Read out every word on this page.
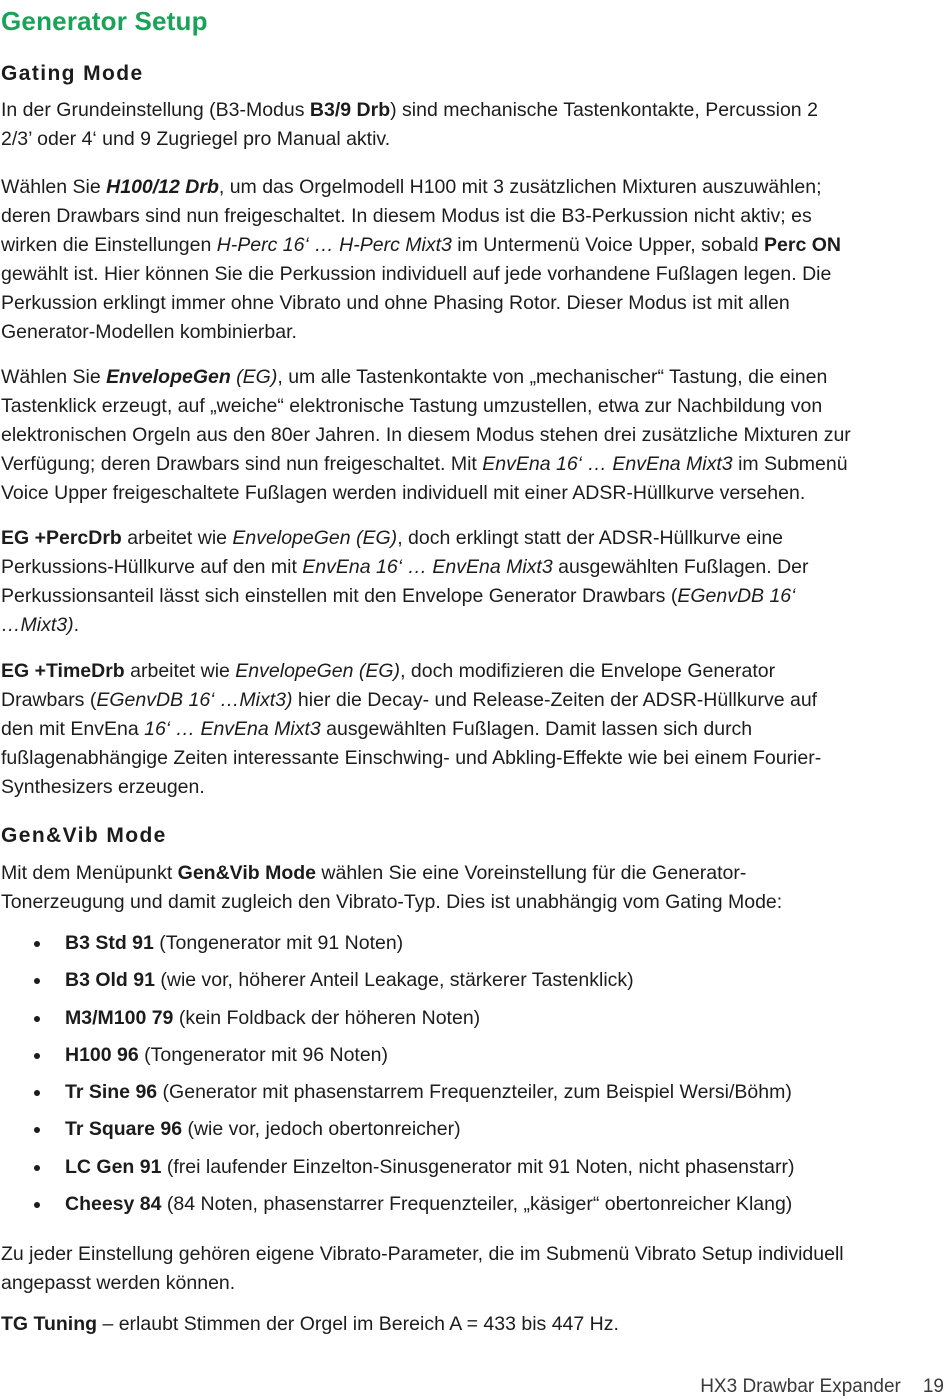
Generator Setup
Gating Mode

In der Grundeinstellung (B3-Modus B3/9 Drb) sind mechanische Tastenkontakte, Percussion 2
2/3’ oder 4‘ und 9 Zugriegel pro Manual aktiv.

Wählen Sie H100/12 Drb, um das Orgelmodell H100 mit 3 zusätzlichen Mixturen auszuwählen;
deren Drawbars sind nun freigeschaltet. In diesem Modus ist die B3-Perkussion nicht aktiv; es
wirken die Einstellungen H-Perc 16‘ … H-Perc Mixt3 im Untermenü Voice Upper, sobald Perc ON
gewählt ist. Hier können Sie die Perkussion individuell auf jede vorhandene Fußlagen legen. Die
Perkussion erklingt immer ohne Vibrato und ohne Phasing Rotor. Dieser Modus ist mit allen
Generator-Modellen kombinierbar.

Wählen Sie EnvelopeGen (EG), um alle Tastenkontakte von „mechanischer“ Tastung, die einen
Tastenklick erzeugt, auf „weiche“ elektronische Tastung umzustellen, etwa zur Nachbildung von
elektronischen Orgeln aus den 80er Jahren. In diesem Modus stehen drei zusätzliche Mixturen zur
Verfügung; deren Drawbars sind nun freigeschaltet. Mit EnvEna 16‘ … EnvEna Mixt3 im Submenü
Voice Upper freigeschaltete Fußlagen werden individuell mit einer ADSR-Hüllkurve versehen.

EG +PercDrb arbeitet wie EnvelopeGen (EG), doch erklingt statt der ADSR-Hüllkurve eine
Perkussions-Hüllkurve auf den mit EnvEna 16‘ … EnvEna Mixt3 ausgewählten Fußlagen. Der
Perkussionsanteil lässt sich einstellen mit den Envelope Generator Drawbars (EGenvDB 16‘
…Mixt3).

EG +TimeDrb arbeitet wie EnvelopeGen (EG), doch modifizieren die Envelope Generator
Drawbars (EGenvDB 16‘ …Mixt3) hier die Decay- und Release-Zeiten der ADSR-Hüllkurve auf
den mit EnvEna 16‘ … EnvEna Mixt3 ausgewählten Fußlagen. Damit lassen sich durch
fußlagenabhängige Zeiten interessante Einschwing- und Abkling-Effekte wie bei einem Fourier-
Synthesizers erzeugen.

Gen&Vib Mode

Mit dem Menüpunkt Gen&Vib Mode wählen Sie eine Voreinstellung für die Generator-
Tonerzeugung und damit zugleich den Vibrato-Typ. Dies ist unabhängig vom Gating Mode:

B3 Std 91 (Tongenerator mit 91 Noten)
B3 Old 91 (wie vor, höherer Anteil Leakage, stärkerer Tastenklick)
M3/M100 79 (kein Foldback der höheren Noten)
H100 96 (Tongenerator mit 96 Noten)
Tr Sine 96 (Generator mit phasenstarrem Frequenzteiler, zum Beispiel Wersi/Böhm)
Tr Square 96 (wie vor, jedoch obertonreicher)
LC Gen 91 (frei laufender Einzelton-Sinusgenerator mit 91 Noten, nicht phasenstarr)
Cheesy 84 (84 Noten, phasenstarrer Frequenzteiler, „käsiger“ obertonreicher Klang)

Zu jeder Einstellung gehören eigene Vibrato-Parameter, die im Submenü Vibrato Setup individuell
angepasst werden können.

TG Tuning – erlaubt Stimmen der Orgel im Bereich A = 433 bis 447 Hz.

HX3 Drawbar Expander 19
